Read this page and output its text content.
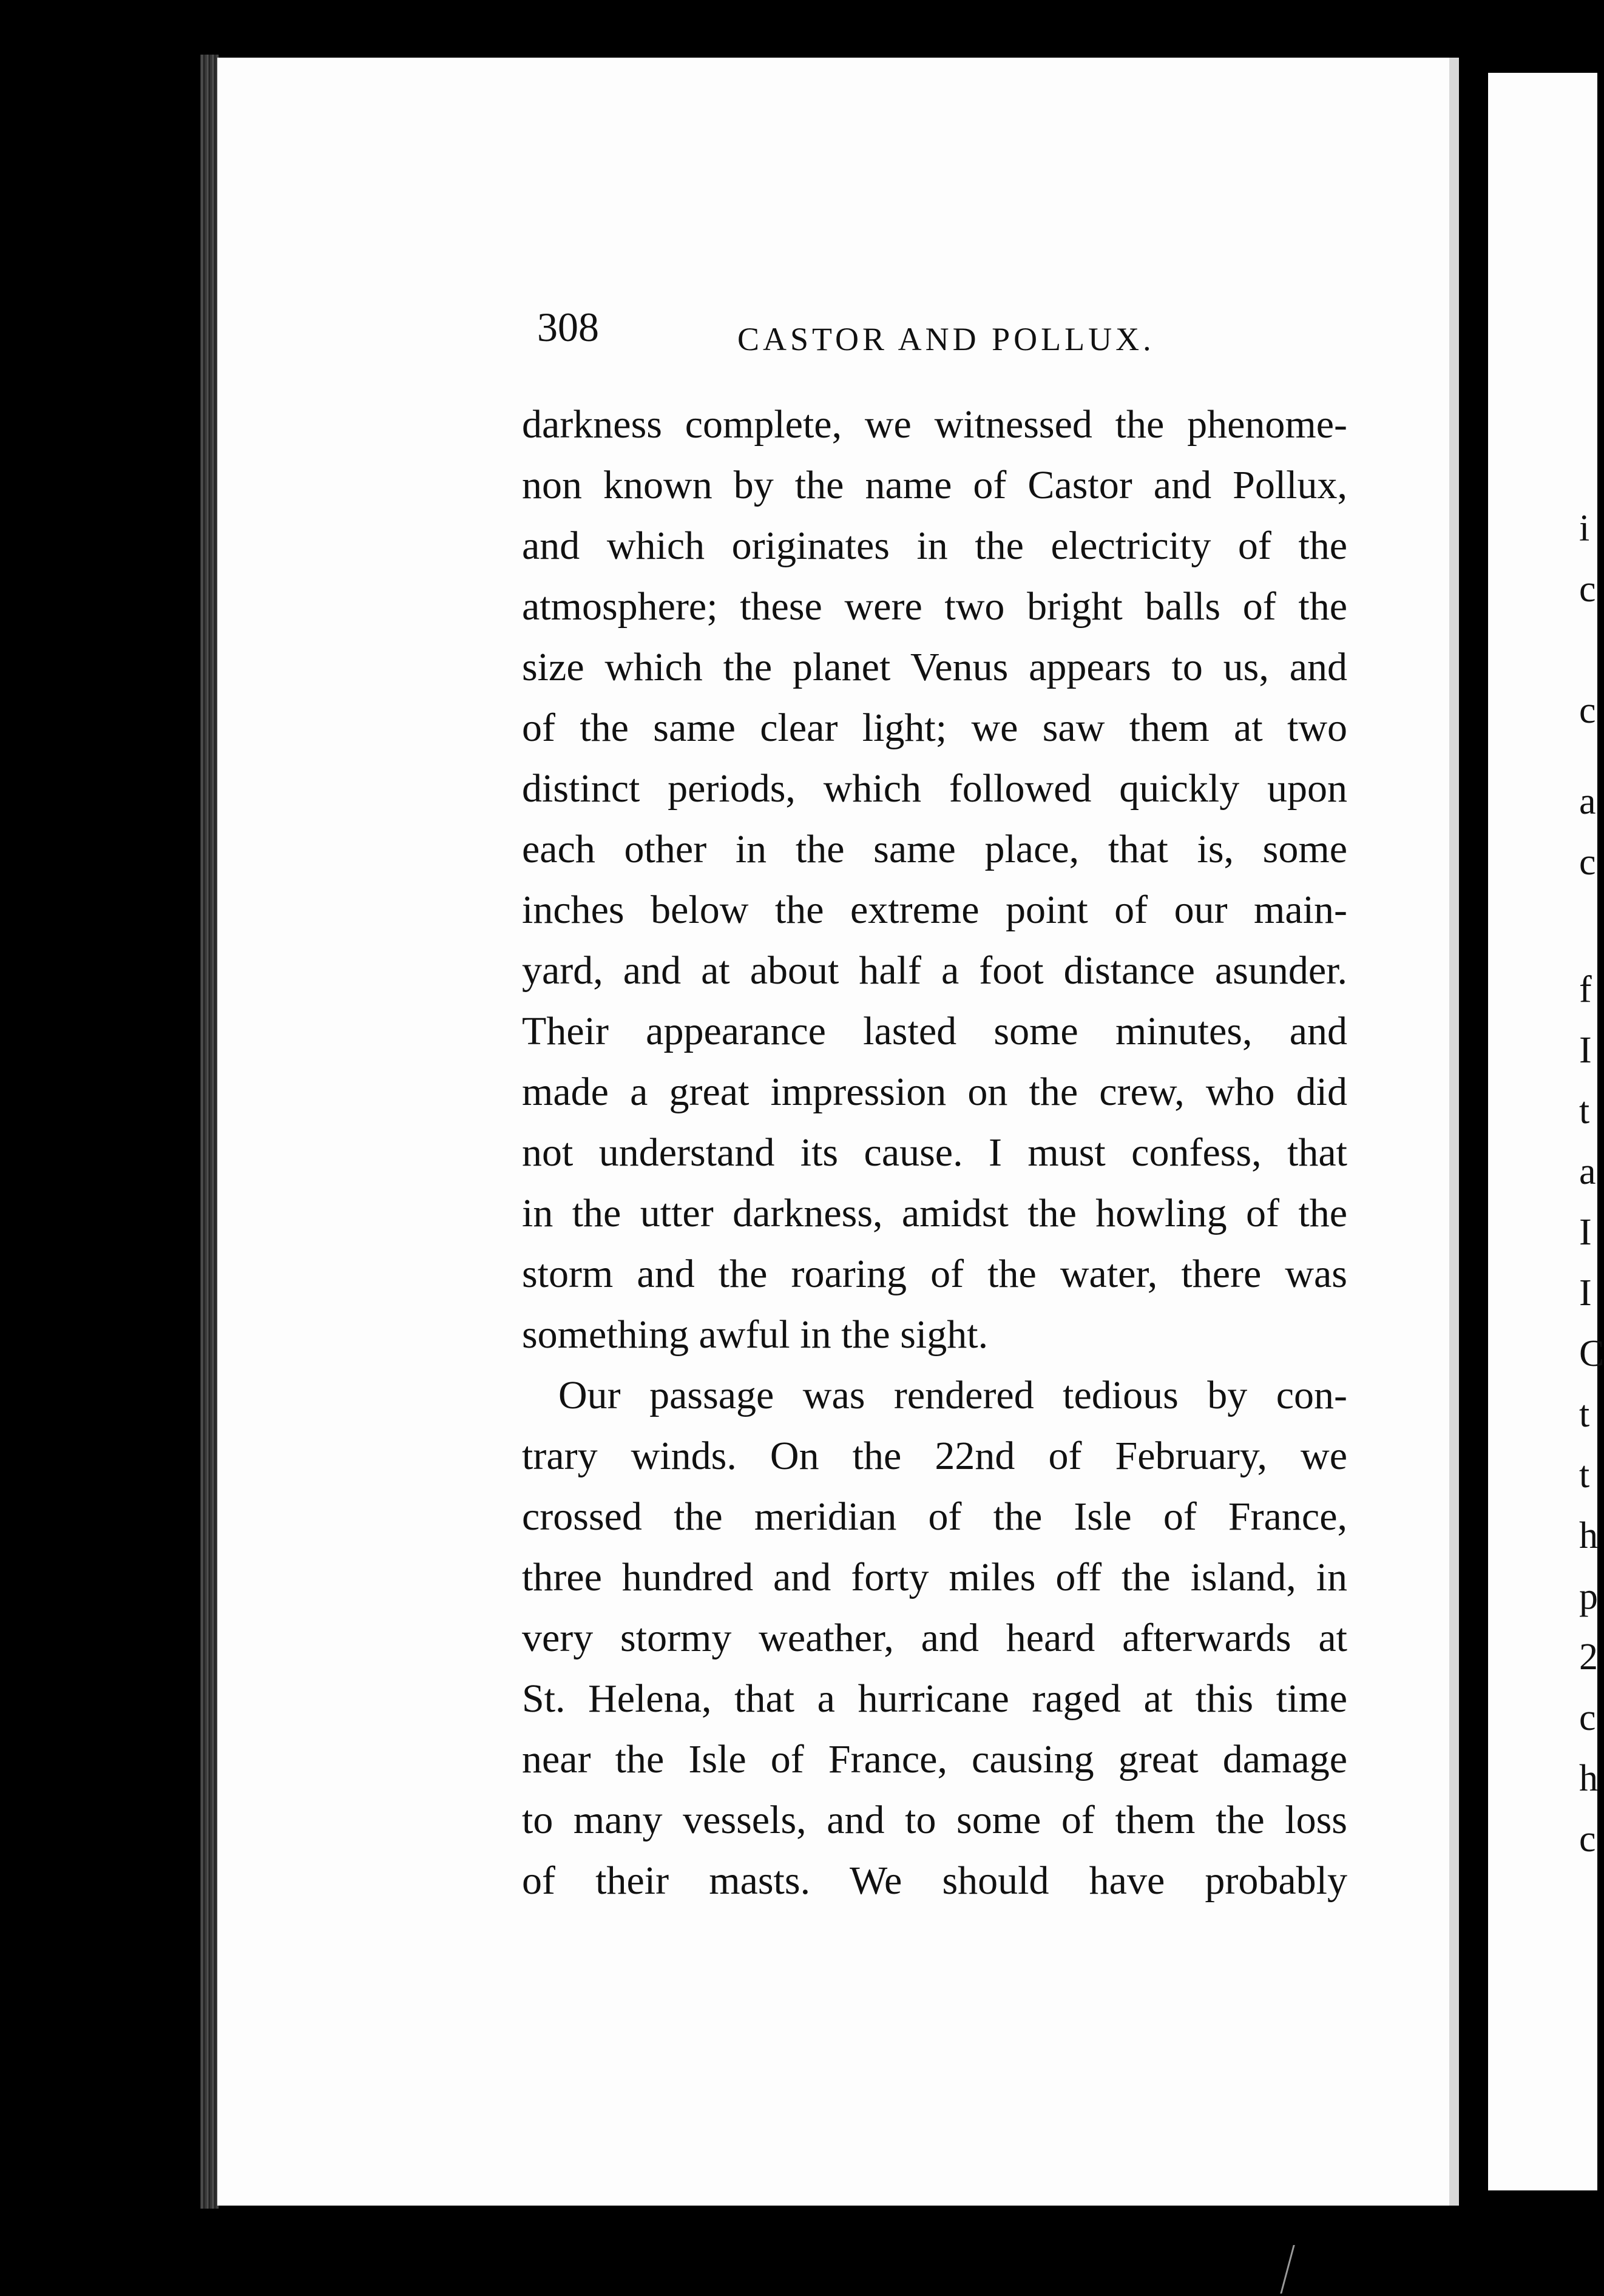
i
c
c
a
c
f
I
t
a
I
I
C
t
t
h
p
2
c
h
c
308	CASTOR AND POLLUX.
darkness complete, we witnessed the phenome-
non known by the name of Castor and Pollux,
and which originates in the electricity of the
atmosphere; these were two bright balls of the
size which the planet Venus appears to us, and
of the same clear light; we saw them at two
distinct periods, which followed quickly upon
each other in the same place, that is, some
inches below the extreme point of our main-
yard, and at about half a foot distance asunder.
Their appearance lasted some minutes, and
made a great impression on the crew, who did
not understand its cause. I must confess, that
in the utter darkness, amidst the howling of the
storm and the roaring of the water, there was
something awful in the sight.
Our passage was rendered tedious by con-
trary winds. On the 22nd of February, we
crossed the meridian of the Isle of France,
three hundred and forty miles off the island, in
very stormy weather, and heard afterwards at
St. Helena, that a hurricane raged at this time
near the Isle of France, causing great damage
to many vessels, and to some of them the loss
of their masts. We should have probably
